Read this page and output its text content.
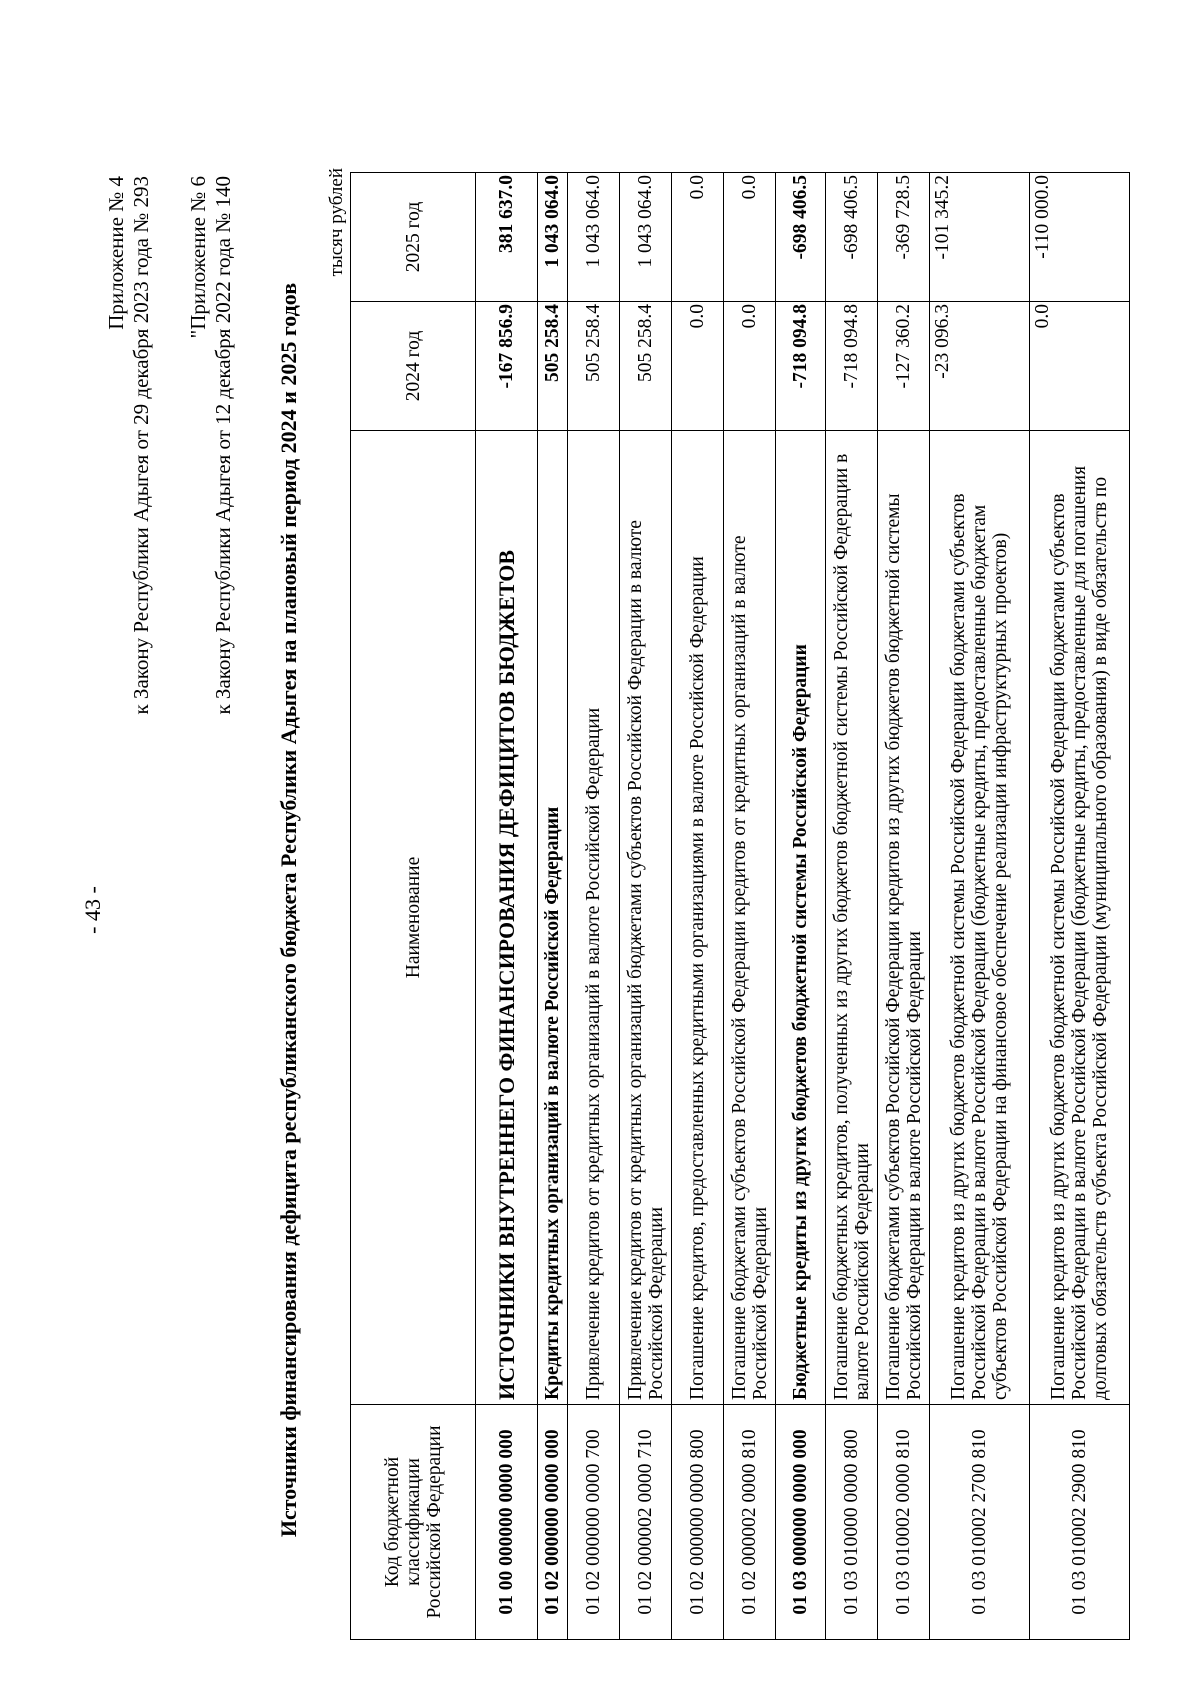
- 43 -
Приложение № 4 к Закону Республики Адыгея от 29 декабря 2023 года № 293 "Приложение № 6 к Закону Республики Адыгея от 12 декабря 2022 года № 140 Источники финансирования дефицита республиканского бюджета Республики Адыгея на плановый период 2024 и 2025 годов
тысяч рублей
Код бюджетной классификации Российской Федерации	Наименование	2024 год	2025 год
01 00 000000 0000 000	ИСТОЧНИКИ ВНУТРЕННЕГО ФИНАНСИРОВАНИЯ ДЕФИЦИТОВ БЮДЖЕТОВ	-167 856.9	381 637.0
01 02 000000 0000 000	Кредиты кредитных организаций в валюте Российской Федерации	505 258.4	1 043 064.0
01 02 000000 0000 700	Привлечение кредитов от кредитных организаций в валюте Российской Федерации	505 258.4	1 043 064.0
01 02 000002 0000 710	Привлечение кредитов от кредитных организаций бюджетами субъектов Российской Федерации в валюте Российской Федерации	505 258.4	1 043 064.0
01 02 000000 0000 800	Погашение кредитов, предоставленных кредитными организациями в валюте Российской Федерации	0.0	0.0
01 02 000002 0000 810	Погашение бюджетами субъектов Российской Федерации кредитов от кредитных организаций в валюте Российской Федерации	0.0	0.0
01 03 000000 0000 000	Бюджетные кредиты из других бюджетов бюджетной системы Российской Федерации	-718 094.8	-698 406.5
01 03 010000 0000 800	Погашение бюджетных кредитов, полученных из других бюджетов бюджетной системы Российской Федерации в валюте Российской Федерации	-718 094.8	-698 406.5
01 03 010002 0000 810	Погашение бюджетами субъектов Российской Федерации кредитов из других бюджетов бюджетной системы Российской Федерации в валюте Российской Федерации	-127 360.2	-369 728.5
01 03 010002 2700 810	Погашение кредитов из других бюджетов бюджетной системы Российской Федерации бюджетами субъектов Российской Федерации в валюте Российской Федерации (бюджетные кредиты, предоставленные бюджетам субъектов Российской Федерации на финансовое обеспечение реализации инфраструктурных проектов)	-23 096.3	-101 345.2
01 03 010002 2900 810	Погашение кредитов из других бюджетов бюджетной системы Российской Федерации бюджетами субъектов Российской Федерации в валюте Российской Федерации (бюджетные кредиты, предоставленные для погашения долговых обязательств субъекта Российской Федерации (муниципального образования) в виде обязательств по	0.0	-110 000.0
